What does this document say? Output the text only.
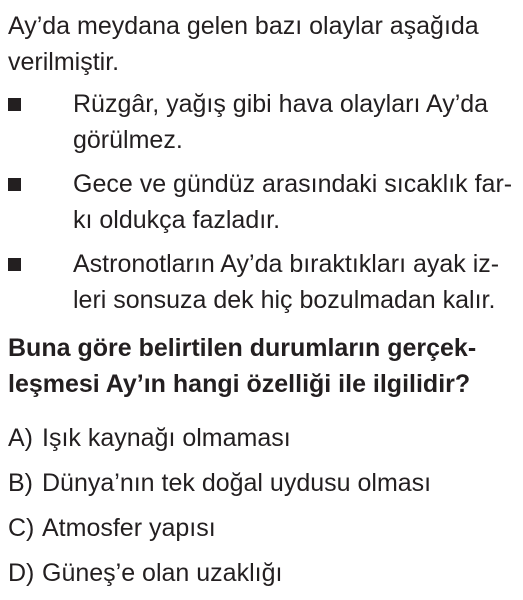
Ay’da meydana gelen bazı olaylar aşağıda
verilmiştir.

Rüzgâr, yağış gibi hava olayları Ay’da
görülmez.
Gece ve gündüz arasındaki sıcaklık far-
kı oldukça fazladır.
Astronotların Ay’da bıraktıkları ayak iz-
leri sonsuza dek hiç bozulmadan kalır.

Buna göre belirtilen durumların gerçek-
leşmesi Ay’ın hangi özelliği ile ilgilidir?

A) Işık kaynağı olmaması
B) Dünya’nın tek doğal uydusu olması
C) Atmosfer yapısı
D) Güneş’e olan uzaklığı
